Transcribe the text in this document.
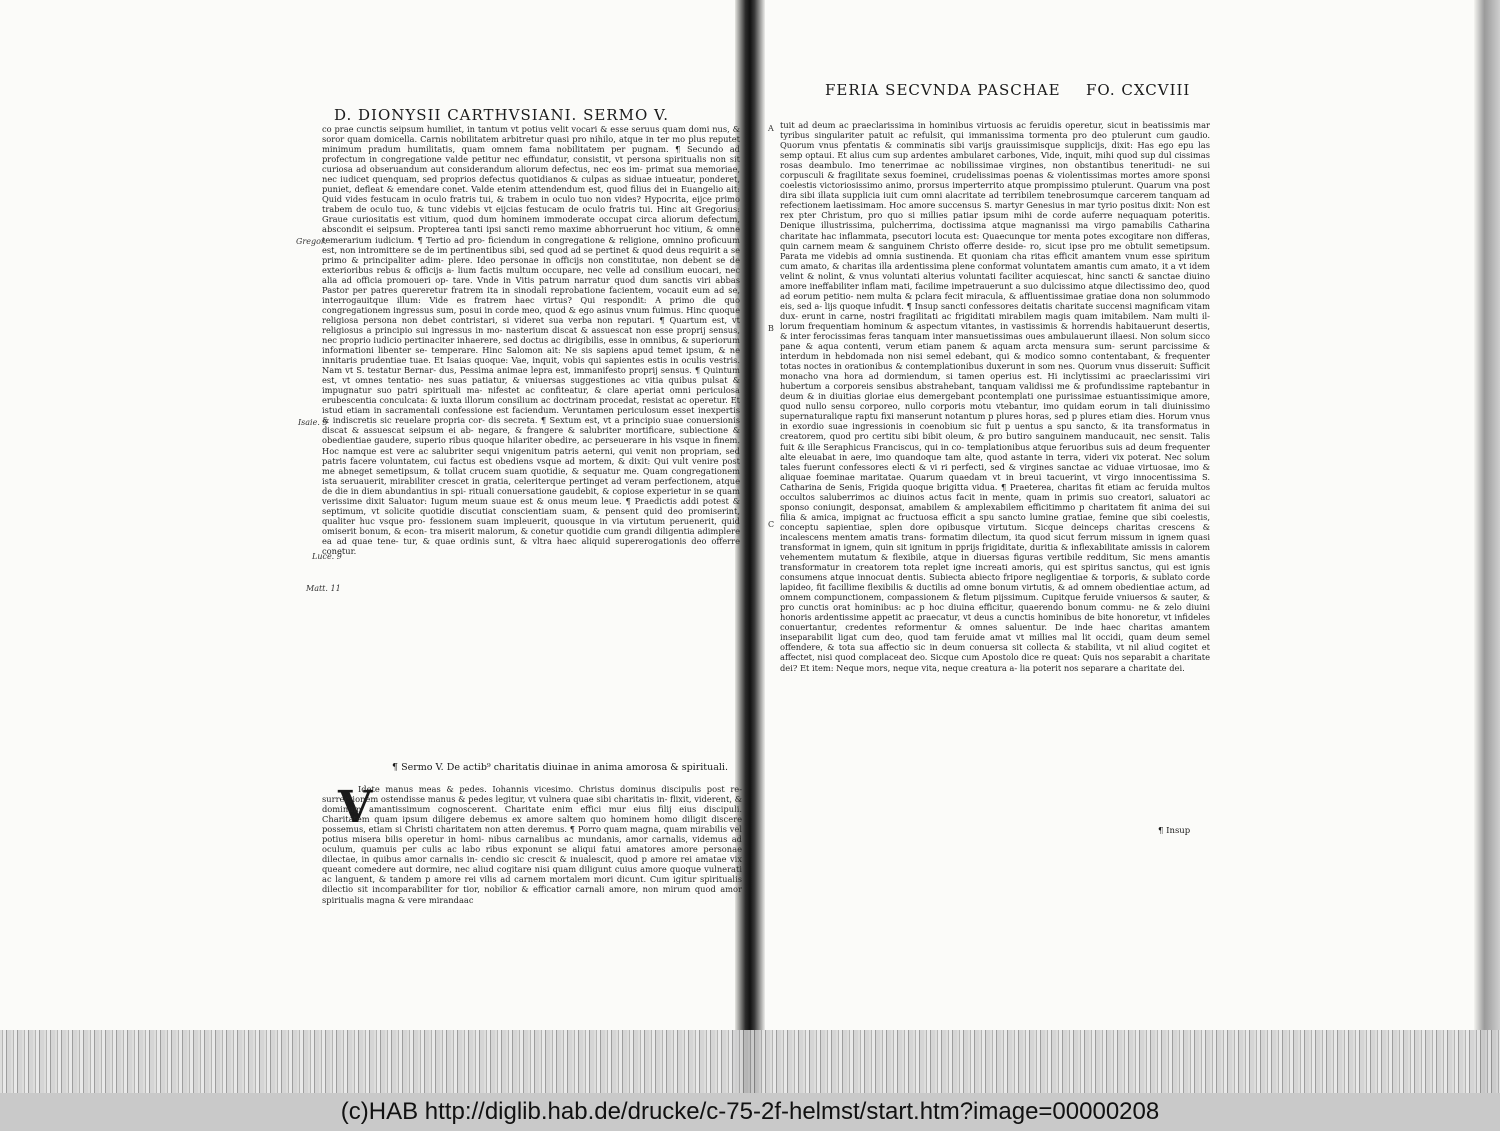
D. DIONYSII CARTHVSIANI. SERMO V.
co prae cunctis seipsum humiliet, in tantum vt potius velit vocari & esse seruus quam domi nus, & soror quam domicella. Carnis nobilitatem arbitretur quasi pro nihilo, atque in ter mo plus reputet minimum pradum humilitatis, quam omnem fama nobilitatem per pugnam. ¶ Secundo ad profectum in congregatione valde petitur nec effundatur, consistit, vt persona spiritualis non sit curiosa ad obseruandum aut considerandum aliorum defectus, nec eos im- primat sua memoriae, nec iudicet quenquam, sed proprios defectus quotidianos & culpas as siduae intueatur, ponderet, puniet, defleat & emendare conet. Valde etenim attendendum est, quod filius dei in Euangelio ait: Quid vides festucam in oculo fratris tui, & trabem in oculo tuo non vides? Hypocrita, eijce primo trabem de oculo tuo, & tunc videbis vt eijcias festucam de oculo fratris tui. Hinc ait Gregorius: Graue curiositatis est vitium, quod dum hominem immoderate occupat circa aliorum defectum, abscondit ei seipsum. Propterea tanti ipsi sancti remo maxime abhorruerunt hoc vitium, & omne temerarium iudicium. ¶ Tertio ad pro- ficiendum in congregatione & religione, omnino proficuum est, non intromittere se de im pertinentibus sibi, sed quod ad se pertinet & quod deus requirit a se primo & principaliter adim- plere. Ideo personae in officijs non constitutae, non debent se de exterioribus rebus & officijs a- lium factis multum occupare, nec velle ad consilium euocari, nec alia ad officia promoueri op- tare. Vnde in Vitis patrum narratur quod dum sanctis viri abbas Pastor per patres quereretur fratrem ita in sinodali reprobatione facientem, vocauit eum ad se, interrogauitque illum: Vide es fratrem haec virtus? Qui respondit: A primo die quo congregationem ingressus sum, posui in corde meo, quod & ego asinus vnum fuimus. Hinc quoque religiosa persona non debet contristari, si videret sua verba non reputari. ¶ Quartum est, vt religiosus a principio sui ingressus in mo- nasterium discat & assuescat non esse proprij sensus, nec proprio iudicio pertinaciter inhaerere, sed doctus ac dirigibilis, esse in omnibus, & superiorum informationi libenter se- temperare. Hinc Salomon ait: Ne sis sapiens apud temet ipsum, & ne innitaris prudentiae tuae. Et Isaias quoque: Vae, inquit, vobis qui sapientes estis in oculis vestris. Nam vt S. testatur Bernar- dus, Pessima animae lepra est, immanifesto proprij sensus. ¶ Quintum est, vt omnes tentatio- nes suas patiatur, & vniuersas suggestiones ac vitia quibus pulsat & impugnatur suo patri spirituali ma- nifestet ac confiteatur, & clare aperiat omni periculosa erubescentia conculcata: & iuxta illorum consilium ac doctrinam procedat, resistat ac operetur. Et istud etiam in sacramentali confessione est faciendum. Veruntamen periculosum esset inexpertis & indiscretis sic reuelare propria cor- dis secreta. ¶ Sextum est, vt a principio suae conuersionis discat & assuescat seipsum ei ab- negare, & frangere & salubriter mortificare, subiectione & obedientiae gaudere, superio ribus quoque hilariter obedire, ac perseuerare in his vsque in finem. Hoc namque est vere ac salubriter sequi vnigenitum patris aeterni, qui venit non propriam, sed patris facere voluntatem, cui factus est obediens vsque ad mortem, & dixit: Qui vult venire post me abneget semetipsum, & tollat crucem suam quotidie, & sequatur me. Quam congregationem ista seruauerit, mirabiliter crescet in gratia, celeriterque pertinget ad veram perfectionem, atque de die in diem abundantius in spi- rituali conuersatione gaudebit, & copiose experietur in se quam verissime dixit Saluator: Iugum meum suaue est & onus meum leue. ¶ Praedictis addi potest & septimum, vt solicite quotidie discutiat conscientiam suam, & pensent quid deo promiserint, qualiter huc vsque pro- fessionem suam impleuerit, quousque in via virtutum peruenerit, quid omiserit bonum, & econ- tra miserit malorum, & conetur quotidie cum grandi diligentia adimplere ea ad quae tene- tur, & quae ordinis sunt, & vltra haec aliquid supererogationis deo offerre conetur.
¶ Sermo V. De actib⁹ charitatis diuinae in anima amorosa & spirituali.
V
Idete manus meas & pedes. Iohannis vicesimo. Christus dominus discipulis post re- surrectionem ostendisse manus & pedes legitur, vt vulnera quae sibi charitatis in- flixit, viderent, & dominum amantissimum cognoscerent. Charitate enim effici mur eius filij eius discipuli. Charitatem quam ipsum diligere debemus ex amore saltem quo hominem homo diligit discere possemus, etiam si Christi charitatem non atten deremus. ¶ Porro quam magna, quam mirabilis vel potius misera bilis operetur in homi- nibus carnalibus ac mundanis, amor carnalis, videmus ad oculum, quamuis per culis ac labo ribus exponunt se aliqui fatui amatores amore personae dilectae, in quibus amor carnalis in- cendio sic crescit & inualescit, quod p amore rei amatae vix queant comedere aut dormire, nec aliud cogitare nisi quam diligunt cuius amore quoque vulnerati ac languent, & tandem p amore rei vilis ad carnem mortalem mori dicunt. Cum igitur spiritualis dilectio sit incomparabiliter for tior, nobilior & efficatior carnali amore, non mirum quod amor spiritualis magna & vere mirandaac
Gregor.
Isaie. 5
Luce. 9
Matt. 11
FERIA SECVNDA PASCHAE FO. CXCVIII
tuit ad deum ac praeclarissima in hominibus virtuosis ac feruidis operetur, sicut in beatissimis mar tyribus singulariter patuit ac refulsit, qui immanissima tormenta pro deo ptulerunt cum gaudio. Quorum vnus pfentatis & comminatis sibi varijs grauissimisque supplicijs, dixit: Has ego epu las semp optaui. Et alius cum sup ardentes ambularet carbones, Vide, inquit, mihi quod sup dul cissimas rosas deambulo. Imo tenerrimae ac nobilissimae virgines, non obstantibus teneritudi- ne sui corpusculi & fragilitate sexus foeminei, crudelissimas poenas & violentissimas mortes amore sponsi coelestis victoriosissimo animo, prorsus imperterrito atque prompissimo ptulerunt. Quarum vna post dira sibi illata supplicia iuit cum omni alacritate ad terribilem tenebrosumque carcerem tanquam ad refectionem laetissimam. Hoc amore succensus S. martyr Genesius in mar tyrio positus dixit: Non est rex pter Christum, pro quo si millies patiar ipsum mihi de corde auferre nequaquam poteritis. Denique illustrissima, pulcherrima, doctissima atque magnanissi ma virgo pamabilis Catharina charitate hac inflammata, psecutori locuta est: Quaecunque tor menta potes excogitare non differas, quin carnem meam & sanguinem Christo offerre deside- ro, sicut ipse pro me obtulit semetipsum. Parata me videbis ad omnia sustinenda. Et quoniam cha ritas efficit amantem vnum esse spiritum cum amato, & charitas illa ardentissima plene conformat voluntatem amantis cum amato, it a vt idem velint & nolint, & vnus voluntati alterius voluntati faciliter acquiescat, hinc sancti & sanctae diuino amore ineffabiliter inflam mati, facilime impetrauerunt a suo dulcissimo atque dilectissimo deo, quod ad eorum petitio- nem multa & pclara fecit miracula, & affluentissimae gratiae dona non solummodo eis, sed a- lijs quoque infudit. ¶ Insup sancti confessores deitatis charitate succensi magnificam vitam dux- erunt in carne, nostri fragilitati ac frigiditati mirabilem magis quam imitabilem. Nam multi il- lorum frequentiam hominum & aspectum vitantes, in vastissimis & horrendis habitauerunt desertis, & inter ferocissimas feras tanquam inter mansuetissimas oues ambulauerunt illaesi. Non solum sicco pane & aqua contenti, verum etiam panem & aquam arcta mensura sum- serunt parcissime & interdum in hebdomada non nisi semel edebant, qui & modico somno contentabant, & frequenter totas noctes in orationibus & contemplationibus duxerunt in som nes. Quorum vnus disseruit: Sufficit monacho vna hora ad dormiendum, si tamen operius est. Hi inclytissimi ac praeclarissimi viri hubertum a corporeis sensibus abstrahebant, tanquam validissi me & profundissime raptebantur in deum & in diuitias gloriae eius demergebant pcontemplati one purissimae estuantissimique amore, quod nullo sensu corporeo, nullo corporis motu vtebantur, imo quidam eorum in tali diuinissimo supernaturalique raptu fixi manserunt notantum p plures horas, sed p plures etiam dies. Horum vnus in exordio suae ingressionis in coenobium sic fuit p uentus a spu sancto, & ita transformatus in creatorem, quod pro certitu sibi bibit oleum, & pro butiro sanguinem manducauit, nec sensit. Talis fuit & ille Seraphicus Franciscus, qui in co- templationibus atque feruoribus suis ad deum frequenter alte eleuabat in aere, imo quandoque tam alte, quod astante in terra, videri vix poterat. Nec solum tales fuerunt confessores electi & vi ri perfecti, sed & virgines sanctae ac viduae virtuosae, imo & aliquae foeminae maritatae. Quarum quaedam vt in breui tacuerint, vt virgo innocentissima S. Catharina de Senis, Frigida quoque brigitta vidua. ¶ Praeterea, charitas fit etiam ac feruida multos occultos saluberrimos ac diuinos actus facit in mente, quam in primis suo creatori, saluatori ac sponso coniungit, desponsat, amabilem & amplexabilem efficitimmo p charitatem fit anima dei sui filia & amica, impignat ac fructuosa efficit a spu sancto lumine gratiae, femine que sibi coelestis, conceptu sapientiae, splen dore opibusque virtutum. Sicque deinceps charitas crescens & incalescens mentem amatis trans- formatim dilectum, ita quod sicut ferrum missum in ignem quasi transformat in ignem, quin sit ignitum in pprijs frigiditate, duritia & inflexabilitate amissis in calorem vehementem mutatum & flexibile, atque in diuersas figuras vertibile redditum, Sic mens amantis transformatur in creatorem tota replet igne increati amoris, qui est spiritus sanctus, qui est ignis consumens atque innocuat dentis. Subiecta abiecto fripore negligentiae & torporis, & sublato corde lapideo, fit facillime flexibilis & ductilis ad omne bonum virtutis, & ad omnem obedientiae actum, ad omnem compunctionem, compassionem & fletum pijssimum. Cupitque feruide vniuersos & sauter, & pro cunctis orat hominibus: ac p hoc diuina efficitur, quaerendo bonum commu- ne & zelo diuini honoris ardentissime appetit ac praecatur, vt deus a cunctis hominibus de bite honoretur, vt infideles conuertantur, credentes reformentur & omnes saluentur. De inde haec charitas amantem inseparabilit ligat cum deo, quod tam feruide amat vt millies mal lit occidi, quam deum semel offendere, & tota sua affectio sic in deum conuersa sit collecta & stabilita, vt nil aliud cogitet et affectet, nisi quod complaceat deo. Sicque cum Apostolo dice re queat: Quis nos separabit a charitate dei? Et item: Neque mors, neque vita, neque creatura a- lia poterit nos separare a charitate dei.
¶ Insup
A
B
C
(c)HAB http://diglib.hab.de/drucke/c-75-2f-helmst/start.htm?image=00000208
